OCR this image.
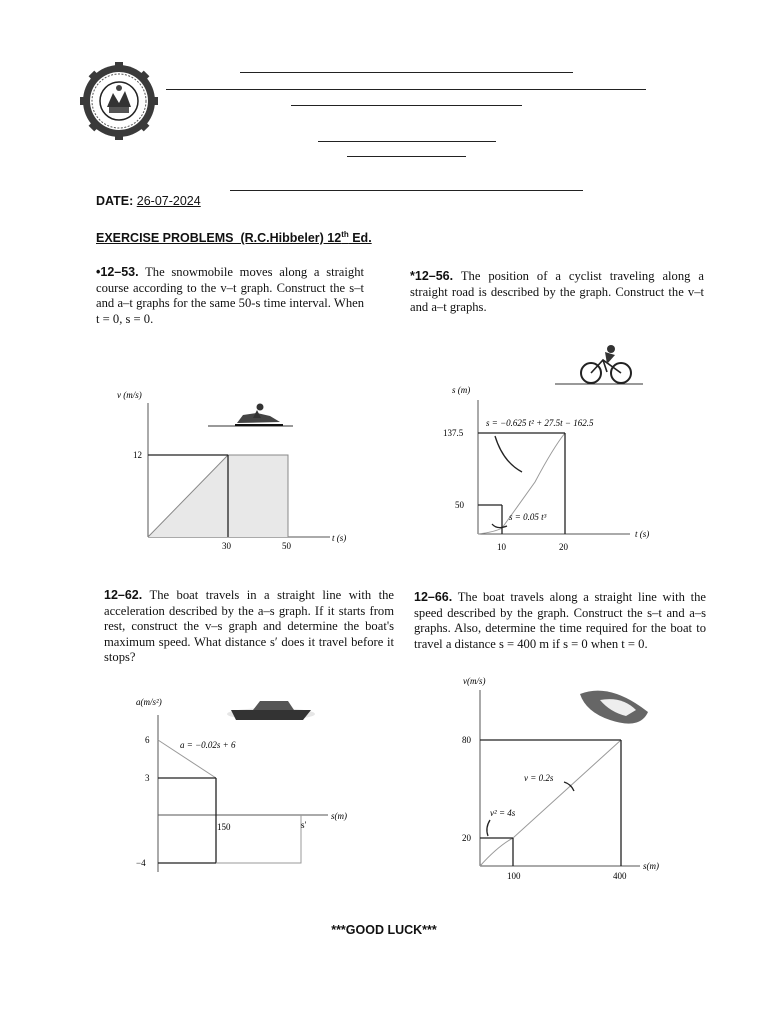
DATE: 26-07-2024
EXERCISE PROBLEMS  (R.C.Hibbeler) 12th Ed.
•12–53. The snowmobile moves along a straight course according to the v–t graph. Construct the s–t and a–t graphs for the same 50-s time interval. When t = 0, s = 0.
*12–56. The position of a cyclist traveling along a straight road is described by the graph. Construct the v–t and a–t graphs.
12–62. The boat travels in a straight line with the acceleration described by the a–s graph. If it starts from rest, construct the v–s graph and determine the boat's maximum speed. What distance s′ does it travel before it stops?
12–66. The boat travels along a straight line with the speed described by the graph. Construct the s–t and a–s graphs. Also, determine the time required for the boat to travel a distance s = 400 m if s = 0 when t = 0.
v (m/s)
t (s)
12
30	50
s (m)
t (s)
137.5
50
10	20
s = −0.625 t² + 27.5t − 162.5
s = 0.05 t³
a(m/s²)
s(m)
6
3
−4
150	s′
a = −0.02s + 6
v(m/s)
s(m)
80
20
100	400
v = 0.2s
v² = 4s
***GOOD LUCK***
